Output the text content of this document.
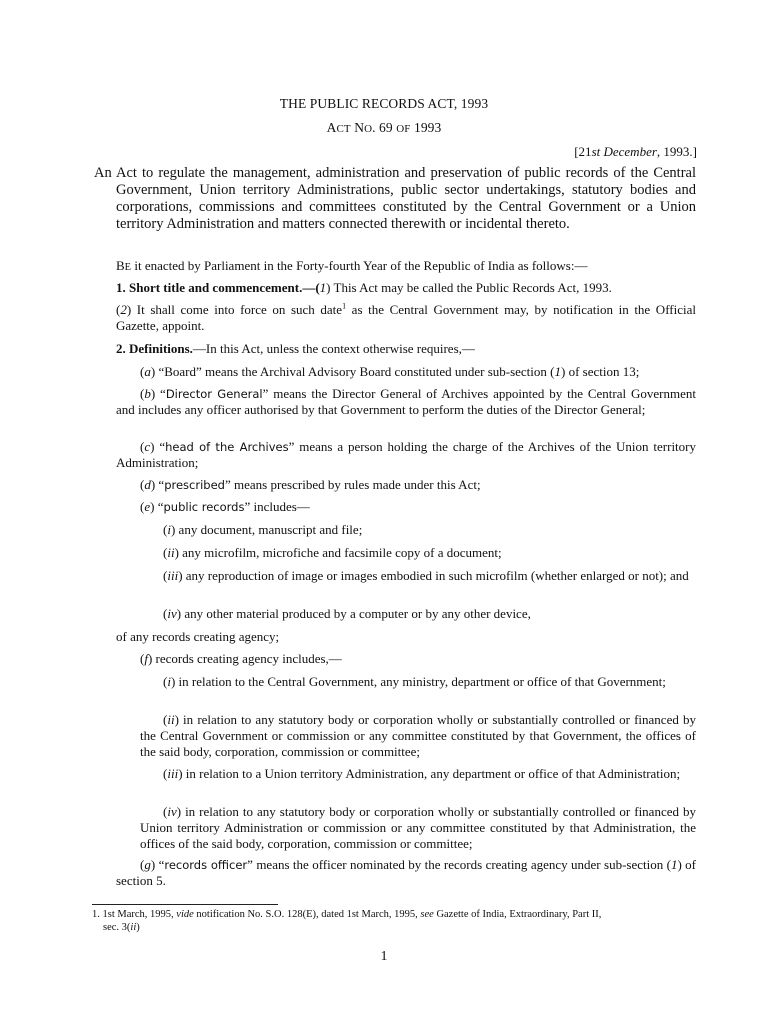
THE PUBLIC RECORDS ACT, 1993
ACT NO. 69 OF 1993
[21st December, 1993.]
An Act to regulate the management, administration and preservation of public records of the Central Government, Union territory Administrations, public sector undertakings, statutory bodies and corporations, commissions and committees constituted by the Central Government or a Union territory Administration and matters connected therewith or incidental thereto.
BE it enacted by Parliament in the Forty-fourth Year of the Republic of India as follows:—
1. Short title and commencement.—(1) This Act may be called the Public Records Act, 1993.
(2) It shall come into force on such date$^1$ as the Central Government may, by notification in the Official Gazette, appoint.
2. Definitions.—In this Act, unless the context otherwise requires,—
(a) “Board” means the Archival Advisory Board constituted under sub-section (1) of section 13;
(b) “Director General” means the Director General of Archives appointed by the Central Government and includes any officer authorised by that Government to perform the duties of the Director General;
(c) “head of the Archives” means a person holding the charge of the Archives of the Union territory Administration;
(d) “prescribed” means prescribed by rules made under this Act;
(e) “public records” includes—
(i) any document, manuscript and file;
(ii) any microfilm, microfiche and facsimile copy of a document;
(iii) any reproduction of image or images embodied in such microfilm (whether enlarged or not); and
(iv) any other material produced by a computer or by any other device,
of any records creating agency;
(f) records creating agency includes,—
(i) in relation to the Central Government, any ministry, department or office of that Government;
(ii) in relation to any statutory body or corporation wholly or substantially controlled or financed by the Central Government or commission or any committee constituted by that Government, the offices of the said body, corporation, commission or committee;
(iii) in relation to a Union territory Administration, any department or office of that Administration;
(iv) in relation to any statutory body or corporation wholly or substantially controlled or financed by Union territory Administration or commission or any committee constituted by that Administration, the offices of the said body, corporation, commission or committee;
(g) “records officer” means the officer nominated by the records creating agency under sub-section (1) of section 5.
1. 1st March, 1995, vide notification No. S.O. 128(E), dated 1st March, 1995, see Gazette of India, Extraordinary, Part II,
sec. 3(ii)
1
